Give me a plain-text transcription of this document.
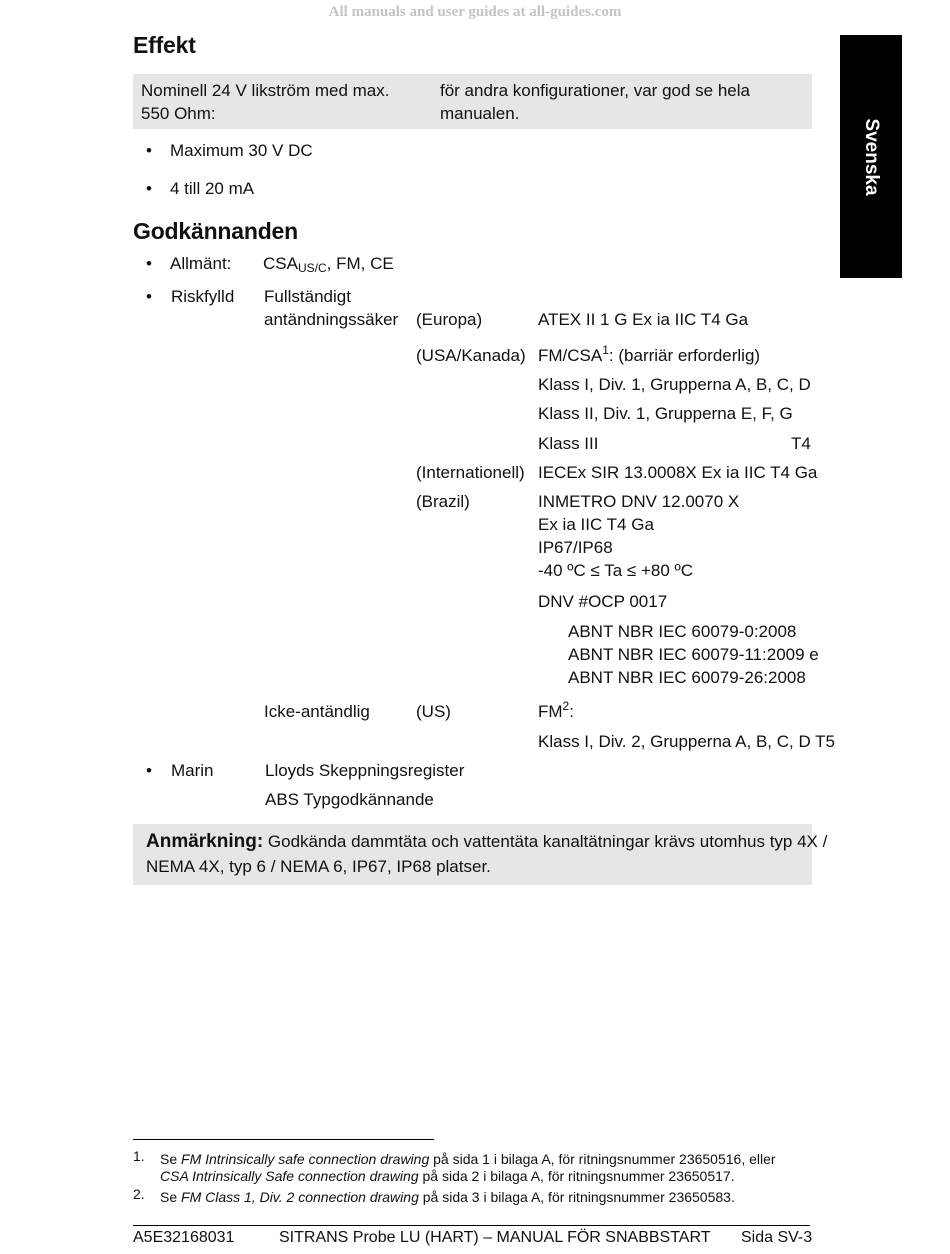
All manuals and user guides at all-guides.com
Svenska
Effekt
Nominell 24 V likström med max.
550 Ohm:
för andra konfigurationer, var god se hela
manualen.
• Maximum 30 V DC
• 4 till 20 mA
Godkännanden
• Allmänt: $CSA_{US/C}$, FM, CE
• Riskfylld Fullständigt
antändningssäker (Europa)	ATEX II 1 G Ex ia IIC T4 Ga
(USA/Kanada) FM/CSA$^1$: (barriär erforderlig)
Klass I, Div. 1, Grupperna A, B, C, D
Klass II, Div. 1, Grupperna E, F, G
Klass III	T4
(Internationell) IECEx SIR 13.0008X Ex ia IIC T4 Ga
(Brazil)	INMETRO DNV 12.0070 X
Ex ia IIC T4 Ga
IP67/IP68
-40 ºC ≤ Ta ≤ +80 ºC
DNV #OCP 0017
ABNT NBR IEC 60079-0:2008
ABNT NBR IEC 60079-11:2009 e
ABNT NBR IEC 60079-26:2008
Icke-antändlig	(US)	$FM^2$:
Klass I, Div. 2, Grupperna A, B, C, D T5
• Marin	Lloyds Skeppningsregister
ABS Typgodkännande
Anmärkning: Godkända dammtäta och vattentäta kanaltätningar krävs utomhus typ 4X /
NEMA 4X, typ 6 / NEMA 6, IP67, IP68 platser.
1. Se FM Intrinsically safe connection drawing på sida 1 i bilaga A, för ritningsnummer 23650516, eller
CSA Intrinsically Safe connection drawing på sida 2 i bilaga A, för ritningsnummer 23650517.
2. Se FM Class 1, Div. 2 connection drawing på sida 3 i bilaga A, för ritningsnummer 23650583.
A5E32168031	SITRANS Probe LU (HART) – MANUAL FÖR SNABBSTART Sida SV-3
